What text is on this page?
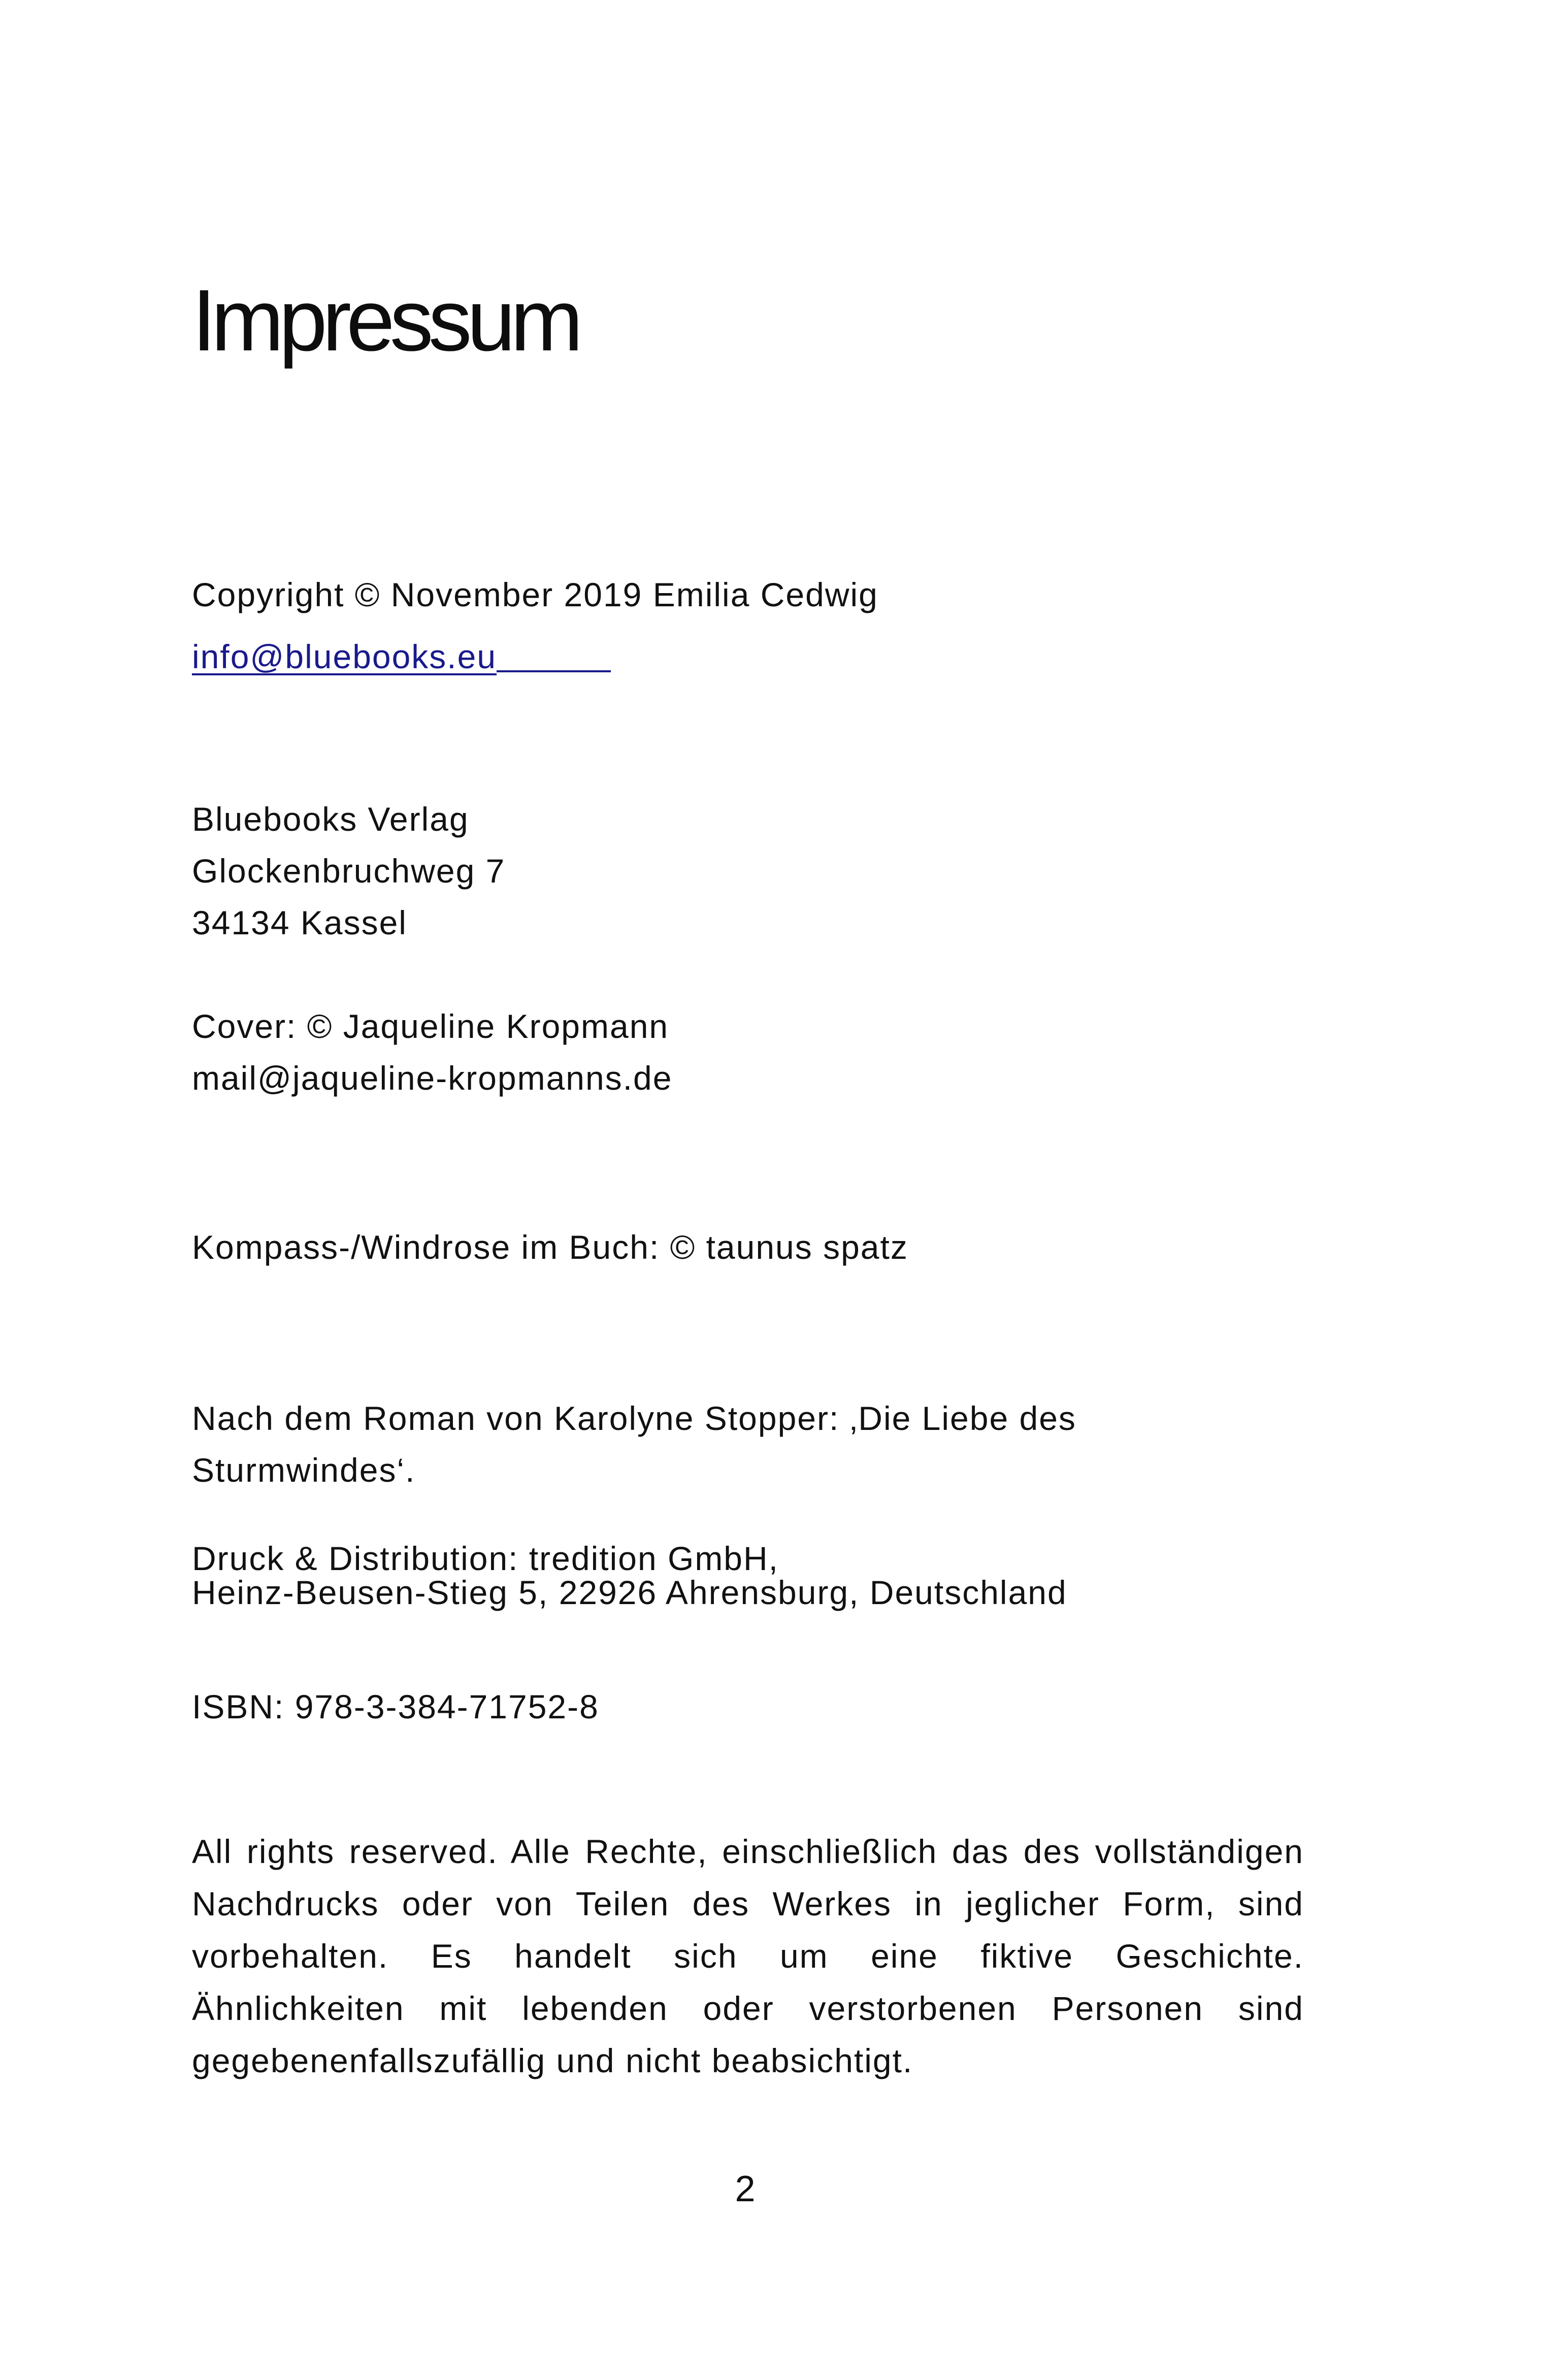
Impressum

Copyright © November 2019 Emilia Cedwig

info@bluebooks.eu

Bluebooks Verlag

Glockenbruchweg 7

34134 Kassel

Cover: © Jaqueline Kropmann

mail@jaqueline-kropmanns.de

Kompass-/Windrose im Buch: © taunus spatz

Nach dem Roman von Karolyne Stopper: ‚Die Liebe des

Sturmwindes‘.

Druck & Distribution: tredition GmbH,

Heinz-Beusen-Stieg 5, 22926 Ahrensburg, Deutschland

ISBN: 978-3-384-71752-8

All rights reserved. Alle Rechte, einschließlich das des vollständigen
Nachdrucks oder von Teilen des Werkes in jeglicher Form, sind
vorbehalten. Es handelt sich um eine fiktive Geschichte.
Ähnlichkeiten mit lebenden oder verstorbenen Personen sind
gegebenenfallszufällig und nicht beabsichtigt.

2
